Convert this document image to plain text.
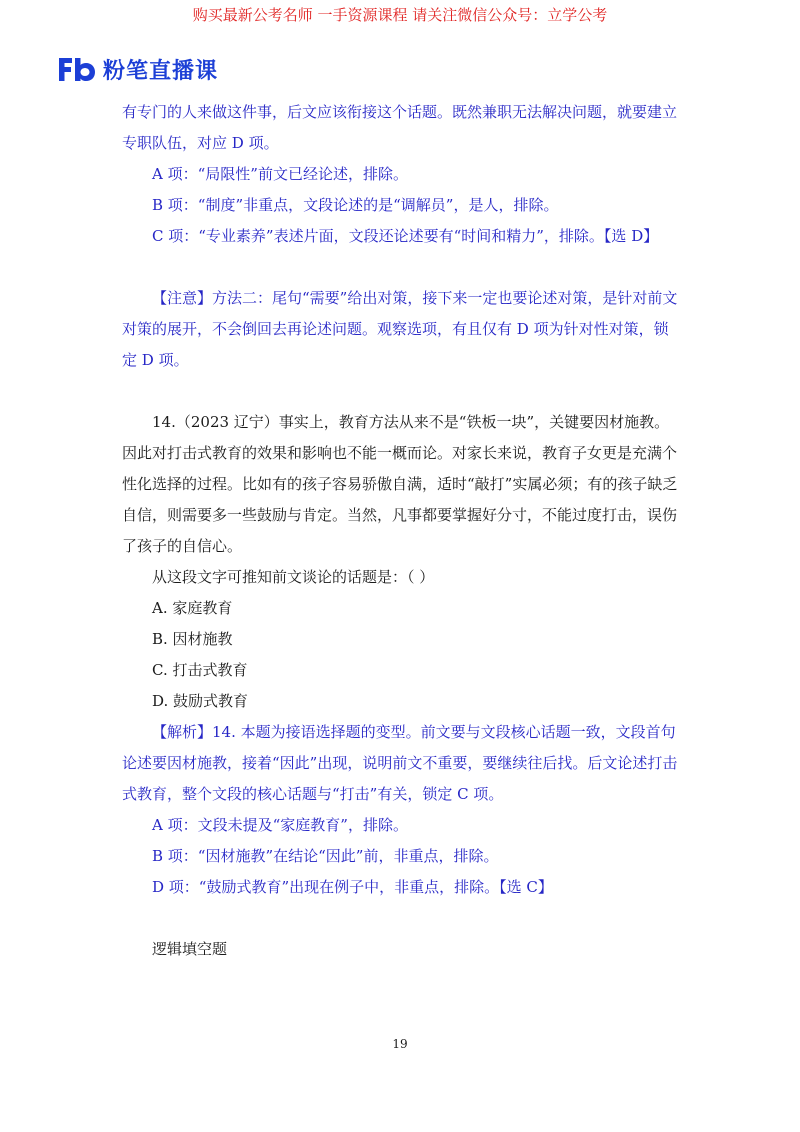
购买最新公考名师 一手资源课程 请关注微信公众号：立学公考
粉笔直播课

有专门的人来做这件事，后文应该衔接这个话题。既然兼职无法解决问题，就要建立专职队伍，对应 D 项。

A 项：“局限性”前文已经论述，排除。

B 项：“制度”非重点，文段论述的是“调解员”，是人，排除。

C 项：“专业素养”表述片面，文段还论述要有“时间和精力”，排除。【选 D】

【注意】方法二：尾句“需要”给出对策，接下来一定也要论述对策，是针对前文对策的展开，不会倒回去再论述问题。观察选项，有且仅有 D 项为针对性对策，锁定 D 项。

14.（2023 辽宁）事实上，教育方法从来不是“铁板一块”，关键要因材施教。因此对打击式教育的效果和影响也不能一概而论。对家长来说，教育子女更是充满个性化选择的过程。比如有的孩子容易骄傲自满，适时“敲打”实属必须；有的孩子缺乏自信，则需要多一些鼓励与肯定。当然，凡事都要掌握好分寸，不能过度打击，误伤了孩子的自信心。

从这段文字可推知前文谈论的话题是：（ ）

A. 家庭教育

B. 因材施教

C. 打击式教育

D. 鼓励式教育

【解析】14. 本题为接语选择题的变型。前文要与文段核心话题一致，文段首句论述要因材施教，接着“因此”出现，说明前文不重要，要继续往后找。后文论述打击式教育，整个文段的核心话题与“打击”有关，锁定 C 项。

A 项：文段未提及“家庭教育”，排除。

B 项：“因材施教”在结论“因此”前，非重点，排除。

D 项：“鼓励式教育”出现在例子中，非重点，排除。【选 C】

逻辑填空题

19
